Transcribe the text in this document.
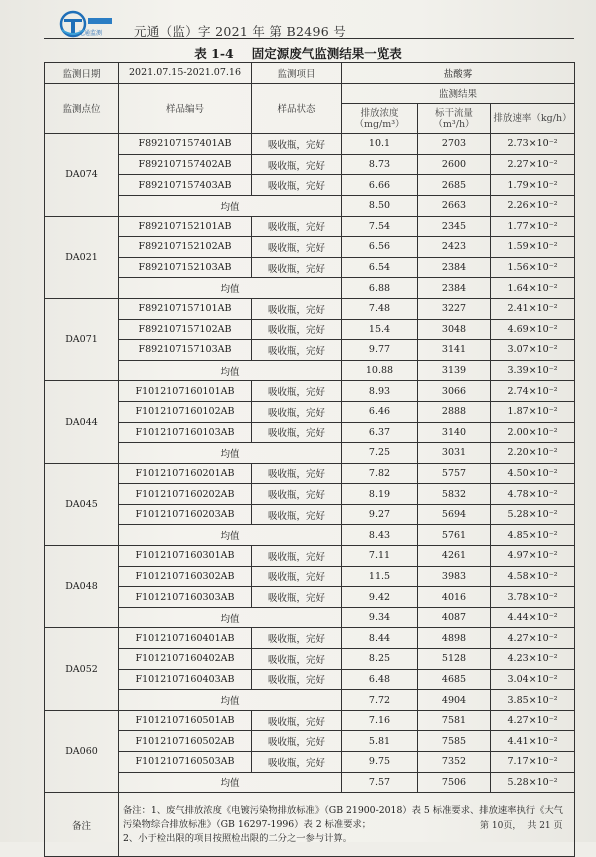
元通监测	元通（监）字 2021 年 第 B2496 号
表 1-4 固定源废气监测结果一览表
监测日期	2021.07.15-2021.07.16	监测项目	盐酸雾		
监测点位	样品编号	样品状态	监测结果		
			排放浓度（mg/m³）	标干流量（m³/h）	排放速率（kg/h）
DA074	F892107157401AB	吸收瓶，完好	10.1	2703	2.73×10⁻²
	F892107157402AB	吸收瓶，完好	8.73	2600	2.27×10⁻²
	F892107157403AB	吸收瓶，完好	6.66	2685	1.79×10⁻²
	均值		8.50	2663	2.26×10⁻²
DA021	F892107152101AB	吸收瓶，完好	7.54	2345	1.77×10⁻²
	F892107152102AB	吸收瓶，完好	6.56	2423	1.59×10⁻²
	F892107152103AB	吸收瓶，完好	6.54	2384	1.56×10⁻²
	均值		6.88	2384	1.64×10⁻²
DA071	F892107157101AB	吸收瓶，完好	7.48	3227	2.41×10⁻²
	F892107157102AB	吸收瓶，完好	15.4	3048	4.69×10⁻²
	F892107157103AB	吸收瓶，完好	9.77	3141	3.07×10⁻²
	均值		10.88	3139	3.39×10⁻²
DA044	F1012107160101AB	吸收瓶，完好	8.93	3066	2.74×10⁻²
	F1012107160102AB	吸收瓶，完好	6.46	2888	1.87×10⁻²
	F1012107160103AB	吸收瓶，完好	6.37	3140	2.00×10⁻²
	均值		7.25	3031	2.20×10⁻²
DA045	F1012107160201AB	吸收瓶，完好	7.82	5757	4.50×10⁻²
	F1012107160202AB	吸收瓶，完好	8.19	5832	4.78×10⁻²
	F1012107160203AB	吸收瓶，完好	9.27	5694	5.28×10⁻²
	均值		8.43	5761	4.85×10⁻²
DA048	F1012107160301AB	吸收瓶，完好	7.11	4261	4.97×10⁻²
	F1012107160302AB	吸收瓶，完好	11.5	3983	4.58×10⁻²
	F1012107160303AB	吸收瓶，完好	9.42	4016	3.78×10⁻²
	均值		9.34	4087	4.44×10⁻²
DA052	F1012107160401AB	吸收瓶，完好	8.44	4898	4.27×10⁻²
	F1012107160402AB	吸收瓶，完好	8.25	5128	4.23×10⁻²
	F1012107160403AB	吸收瓶，完好	6.48	4685	3.04×10⁻²
	均值		7.72	4904	3.85×10⁻²
DA060	F1012107160501AB	吸收瓶，完好	7.16	7581	4.27×10⁻²
	F1012107160502AB	吸收瓶，完好	5.81	7585	4.41×10⁻²
	F1012107160503AB	吸收瓶，完好	9.75	7352	7.17×10⁻²
	均值		7.57	7506	5.28×10⁻²
备注	备注：1、废气排放浓度《电镀污染物排放标准》（GB 21900-2018）表 5 标准要求、排放速率执行《大气污染物综合排放标准》（GB 16297-1996）表 2 标准要求；
2、小于检出限的项目按照检出限的二分之一参与计算。				
第 10页， 共 21 页
